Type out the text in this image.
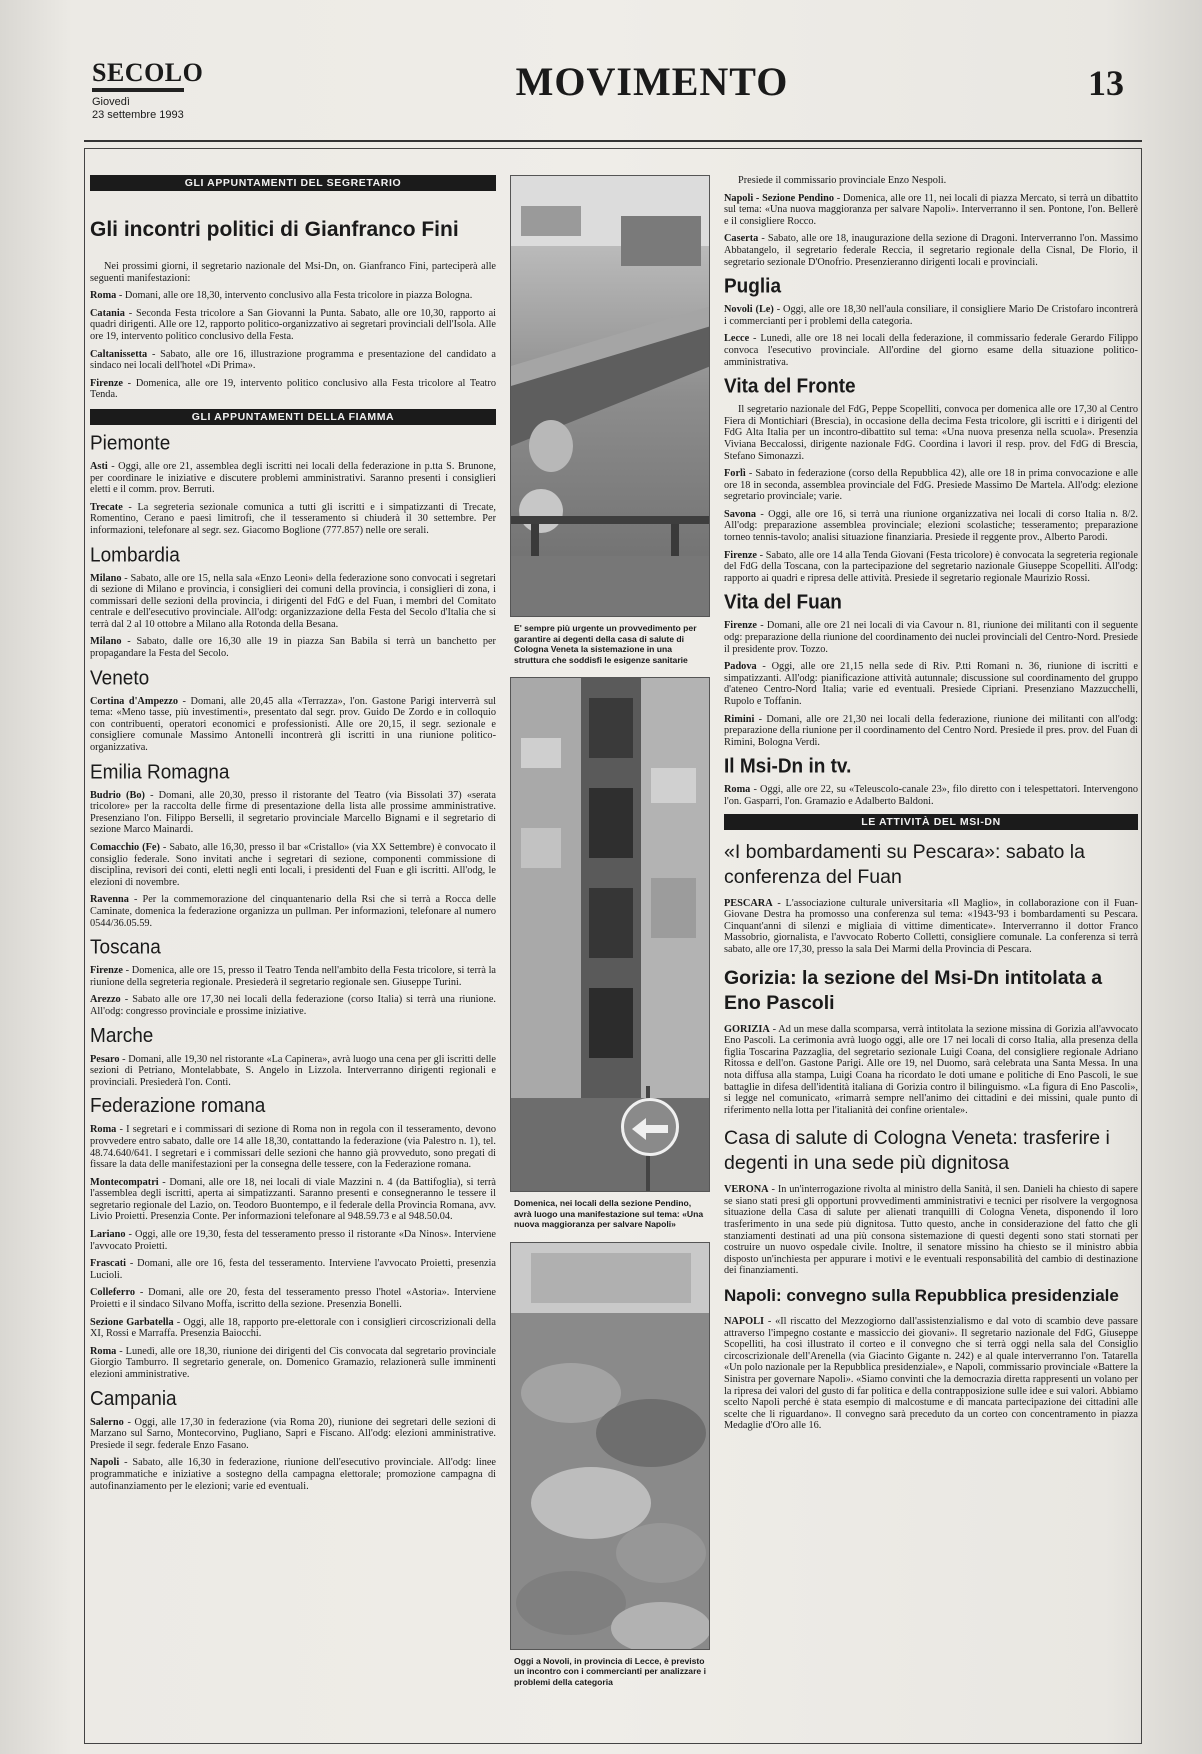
SECOLO
Giovedì
23 settembre 1993
MOVIMENTO	13
GLI APPUNTAMENTI DEL SEGRETARIO
Gli incontri politici di Gianfranco Fini

Nei prossimi giorni, il segretario nazionale del Msi-Dn, on. Gianfranco Fini, parteciperà alle seguenti manifestazioni:

Roma - Domani, alle ore 18,30, intervento conclusivo alla Festa tricolore in piazza Bologna.

Catania - Seconda Festa tricolore a San Giovanni la Punta. Sabato, alle ore 10,30, rapporto ai quadri dirigenti. Alle ore 12, rapporto politico-organizzativo ai segretari provinciali dell'Isola. Alle ore 19, intervento politico conclusivo della Festa.

Caltanissetta - Sabato, alle ore 16, illustrazione programma e presentazione del candidato a sindaco nei locali dell'hotel «Di Prima».

Firenze - Domenica, alle ore 19, intervento politico conclusivo alla Festa tricolore al Teatro Tenda.

GLI APPUNTAMENTI DELLA FIAMMA
Piemonte

Asti - Oggi, alle ore 21, assemblea degli iscritti nei locali della federazione in p.tta S. Brunone, per coordinare le iniziative e discutere problemi amministrativi. Saranno presenti i consiglieri eletti e il comm. prov. Berruti.

Trecate - La segreteria sezionale comunica a tutti gli iscritti e i simpatizzanti di Trecate, Romentino, Cerano e paesi limitrofi, che il tesseramento si chiuderà il 30 settembre. Per informazioni, telefonare al segr. sez. Giacomo Boglione (777.857) nelle ore serali.

Lombardia

Milano - Sabato, alle ore 15, nella sala «Enzo Leoni» della federazione sono convocati i segretari di sezione di Milano e provincia, i consiglieri dei comuni della provincia, i consiglieri di zona, i commissari delle sezioni della provincia, i dirigenti del FdG e del Fuan, i membri del Comitato centrale e dell'esecutivo provinciale. All'odg: organizzazione della Festa del Secolo d'Italia che si terrà dal 2 al 10 ottobre a Milano alla Rotonda della Besana.

Milano - Sabato, dalle ore 16,30 alle 19 in piazza San Babila si terrà un banchetto per propagandare la Festa del Secolo.

Veneto

Cortina d'Ampezzo - Domani, alle 20,45 alla «Terrazza», l'on. Gastone Parigi interverrà sul tema: «Meno tasse, più investimenti», presentato dal segr. prov. Guido De Zordo e in colloquio con contribuenti, operatori economici e professionisti. Alle ore 20,15, il segr. sezionale e consigliere comunale Massimo Antonelli incontrerà gli iscritti in una riunione politico-organizzativa.

Emilia Romagna

Budrio (Bo) - Domani, alle 20,30, presso il ristorante del Teatro (via Bissolati 37) «serata tricolore» per la raccolta delle firme di presentazione della lista alle prossime amministrative. Presenziano l'on. Filippo Berselli, il segretario provinciale Marcello Bignami e il segretario di sezione Marco Mainardi.

Comacchio (Fe) - Sabato, alle 16,30, presso il bar «Cristallo» (via XX Settembre) è convocato il consiglio federale. Sono invitati anche i segretari di sezione, componenti commissione di disciplina, revisori dei conti, eletti negli enti locali, i presidenti del Fuan e gli iscritti. All'odg, le elezioni di novembre.

Ravenna - Per la commemorazione del cinquantenario della Rsi che si terrà a Rocca delle Caminate, domenica la federazione organizza un pullman. Per informazioni, telefonare al numero 0544/36.05.59.

Toscana

Firenze - Domenica, alle ore 15, presso il Teatro Tenda nell'ambito della Festa tricolore, si terrà la riunione della segreteria regionale. Presiederà il segretario regionale sen. Giuseppe Turini.

Arezzo - Sabato alle ore 17,30 nei locali della federazione (corso Italia) si terrà una riunione. All'odg: congresso provinciale e prossime iniziative.

Marche

Pesaro - Domani, alle 19,30 nel ristorante «La Capinera», avrà luogo una cena per gli iscritti delle sezioni di Petriano, Montelabbate, S. Angelo in Lizzola. Interverranno dirigenti regionali e provinciali. Presiederà l'on. Conti.

Federazione romana

Roma - I segretari e i commissari di sezione di Roma non in regola con il tesseramento, devono provvedere entro sabato, dalle ore 14 alle 18,30, contattando la federazione (via Palestro n. 1), tel. 48.74.640/641. I segretari e i commissari delle sezioni che hanno già provveduto, sono pregati di fissare la data delle manifestazioni per la consegna delle tessere, con la Federazione romana.

Montecompatri - Domani, alle ore 18, nei locali di viale Mazzini n. 4 (da Battifoglia), si terrà l'assemblea degli iscritti, aperta ai simpatizzanti. Saranno presenti e consegneranno le tessere il segretario regionale del Lazio, on. Teodoro Buontempo, e il federale della Provincia Romana, avv. Livio Proietti. Presenzia Conte. Per informazioni telefonare al 948.59.73 e al 948.50.04.

Lariano - Oggi, alle ore 19,30, festa del tesseramento presso il ristorante «Da Ninos». Interviene l'avvocato Proietti.

Frascati - Domani, alle ore 16, festa del tesseramento. Interviene l'avvocato Proietti, presenzia Lucioli.

Colleferro - Domani, alle ore 20, festa del tesseramento presso l'hotel «Astoria». Interviene Proietti e il sindaco Silvano Moffa, iscritto della sezione. Presenzia Bonelli.

Sezione Garbatella - Oggi, alle 18, rapporto pre-elettorale con i consiglieri circoscrizionali della XI, Rossi e Marraffa. Presenzia Baiocchi.

Roma - Lunedì, alle ore 18,30, riunione dei dirigenti del Cis convocata dal segretario provinciale Giorgio Tamburro. Il segretario generale, on. Domenico Gramazio, relazionerà sulle imminenti elezioni amministrative.

Campania

Salerno - Oggi, alle 17,30 in federazione (via Roma 20), riunione dei segretari delle sezioni di Marzano sul Sarno, Montecorvino, Pugliano, Sapri e Fiscano. All'odg: elezioni amministrative. Presiede il segr. federale Enzo Fasano.

Napoli - Sabato, alle 16,30 in federazione, riunione dell'esecutivo provinciale. All'odg: linee programmatiche e iniziative a sostegno della campagna elettorale; promozione campagna di autofinanziamento per le elezioni; varie ed eventuali.

E' sempre più urgente un provvedimento per garantire ai degenti della casa di salute di Cologna Veneta la sistemazione in una struttura che soddisfi le esigenze sanitarie
Domenica, nei locali della sezione Pendino, avrà luogo una manifestazione sul tema: «Una nuova maggioranza per salvare Napoli»
Oggi a Novoli, in provincia di Lecce, è previsto un incontro con i commercianti per analizzare i problemi della categoria

Presiede il commissario provinciale Enzo Nespoli.

Napoli - Sezione Pendino - Domenica, alle ore 11, nei locali di piazza Mercato, si terrà un dibattito sul tema: «Una nuova maggioranza per salvare Napoli». Interverranno il sen. Pontone, l'on. Bellerè e il consigliere Rocco.

Caserta - Sabato, alle ore 18, inaugurazione della sezione di Dragoni. Interverranno l'on. Massimo Abbatangelo, il segretario federale Reccia, il segretario regionale della Cisnal, De Florio, il segretario sezionale D'Onofrio. Presenzieranno dirigenti locali e provinciali.

Puglia

Novoli (Le) - Oggi, alle ore 18,30 nell'aula consiliare, il consigliere Mario De Cristofaro incontrerà i commercianti per i problemi della categoria.

Lecce - Lunedì, alle ore 18 nei locali della federazione, il commissario federale Gerardo Filippo convoca l'esecutivo provinciale. All'ordine del giorno esame della situazione politico-amministrativa.

Vita del Fronte

Il segretario nazionale del FdG, Peppe Scopelliti, convoca per domenica alle ore 17,30 al Centro Fiera di Montichiari (Brescia), in occasione della decima Festa tricolore, gli iscritti e i dirigenti del FdG Alta Italia per un incontro-dibattito sul tema: «Una nuova presenza nella scuola». Presenzia Viviana Beccalossi, dirigente nazionale FdG. Coordina i lavori il resp. prov. del FdG di Brescia, Stefano Simonazzi.

Forlì - Sabato in federazione (corso della Repubblica 42), alle ore 18 in prima convocazione e alle ore 18 in seconda, assemblea provinciale del FdG. Presiede Massimo De Martela. All'odg: elezione segretario provinciale; varie.

Savona - Oggi, alle ore 16, si terrà una riunione organizzativa nei locali di corso Italia n. 8/2. All'odg: preparazione assemblea provinciale; elezioni scolastiche; tesseramento; preparazione torneo tennis-tavolo; analisi situazione finanziaria. Presiede il reggente prov., Alberto Parodi.

Firenze - Sabato, alle ore 14 alla Tenda Giovani (Festa tricolore) è convocata la segreteria regionale del FdG della Toscana, con la partecipazione del segretario nazionale Giuseppe Scopelliti. All'odg: rapporto ai quadri e ripresa delle attività. Presiede il segretario regionale Maurizio Rossi.

Vita del Fuan

Firenze - Domani, alle ore 21 nei locali di via Cavour n. 81, riunione dei militanti con il seguente odg: preparazione della riunione del coordinamento dei nuclei provinciali del Centro-Nord. Presiede il presidente prov. Tozzo.

Padova - Oggi, alle ore 21,15 nella sede di Riv. P.tti Romani n. 36, riunione di iscritti e simpatizzanti. All'odg: pianificazione attività autunnale; discussione sul coordinamento del gruppo d'ateneo Centro-Nord Italia; varie ed eventuali. Presiede Cipriani. Presenziano Mazzucchelli, Rupolo e Toffanin.

Rimini - Domani, alle ore 21,30 nei locali della federazione, riunione dei militanti con all'odg: preparazione della riunione per il coordinamento del Centro Nord. Presiede il pres. prov. del Fuan di Rimini, Bologna Verdi.

Il Msi-Dn in tv.

Roma - Oggi, alle ore 22, su «Teleuscolo-canale 23», filo diretto con i telespettatori. Intervengono l'on. Gasparri, l'on. Gramazio e Adalberto Baldoni.

LE ATTIVITÀ DEL MSI-DN
«I bombardamenti su Pescara»: sabato la conferenza del Fuan

PESCARA - L'associazione culturale universitaria «Il Maglio», in collaborazione con il Fuan-Giovane Destra ha promosso una conferenza sul tema: «1943-'93 i bombardamenti su Pescara. Cinquant'anni di silenzi e migliaia di vittime dimenticate». Interverranno il dottor Franco Massobrio, giornalista, e l'avvocato Roberto Colletti, consigliere comunale. La conferenza si terrà sabato, alle ore 17,30, presso la sala Dei Marmi della Provincia di Pescara.

Gorizia: la sezione del Msi-Dn intitolata a Eno Pascoli

GORIZIA - Ad un mese dalla scomparsa, verrà intitolata la sezione missina di Gorizia all'avvocato Eno Pascoli. La cerimonia avrà luogo oggi, alle ore 17 nei locali di corso Italia, alla presenza della figlia Toscarina Pazzaglia, del segretario sezionale Luigi Coana, del consigliere regionale Adriano Ritossa e dell'on. Gastone Parigi. Alle ore 19, nel Duomo, sarà celebrata una Santa Messa. In una nota diffusa alla stampa, Luigi Coana ha ricordato le doti umane e politiche di Eno Pascoli, le sue battaglie in difesa dell'identità italiana di Gorizia contro il bilinguismo. «La figura di Eno Pascoli», si legge nel comunicato, «rimarrà sempre nell'animo dei cittadini e dei missini, quale punto di riferimento nella lotta per l'italianità dei confine orientale».

Casa di salute di Cologna Veneta: trasferire i degenti in una sede più dignitosa

VERONA - In un'interrogazione rivolta al ministro della Sanità, il sen. Danieli ha chiesto di sapere se siano stati presi gli opportuni provvedimenti amministrativi e tecnici per risolvere la vergognosa situazione della Casa di salute per alienati tranquilli di Cologna Veneta, disponendo il loro trasferimento in una sede più dignitosa. Tutto questo, anche in considerazione del fatto che gli stanziamenti destinati ad una più consona sistemazione di questi degenti sono stati stornati per costruire un nuovo ospedale civile. Inoltre, il senatore missino ha chiesto se il ministro abbia disposto un'inchiesta per appurare i motivi e le eventuali responsabilità del cambio di destinazione dei finanziamenti.

Napoli: convegno sulla Repubblica presidenziale

NAPOLI - «Il riscatto del Mezzogiorno dall'assistenzialismo e dal voto di scambio deve passare attraverso l'impegno costante e massiccio dei giovani». Il segretario nazionale del FdG, Giuseppe Scopelliti, ha così illustrato il corteo e il convegno che si terrà oggi nella sala del Consiglio circoscrizionale dell'Arenella (via Giacinto Gigante n. 242) e al quale interverranno l'on. Tatarella «Un polo nazionale per la Repubblica presidenziale», e Napoli, commissario provinciale «Battere la Sinistra per governare Napoli». «Siamo convinti che la democrazia diretta rappresenti un volano per la ripresa dei valori del gusto di far politica e della contrapposizione sulle idee e sui valori. Abbiamo scelto Napoli perché è stata esempio di malcostume e di mancata partecipazione dei cittadini alle scelte che li riguardano». Il convegno sarà preceduto da un corteo con concentramento in piazza Medaglie d'Oro alle 16.
